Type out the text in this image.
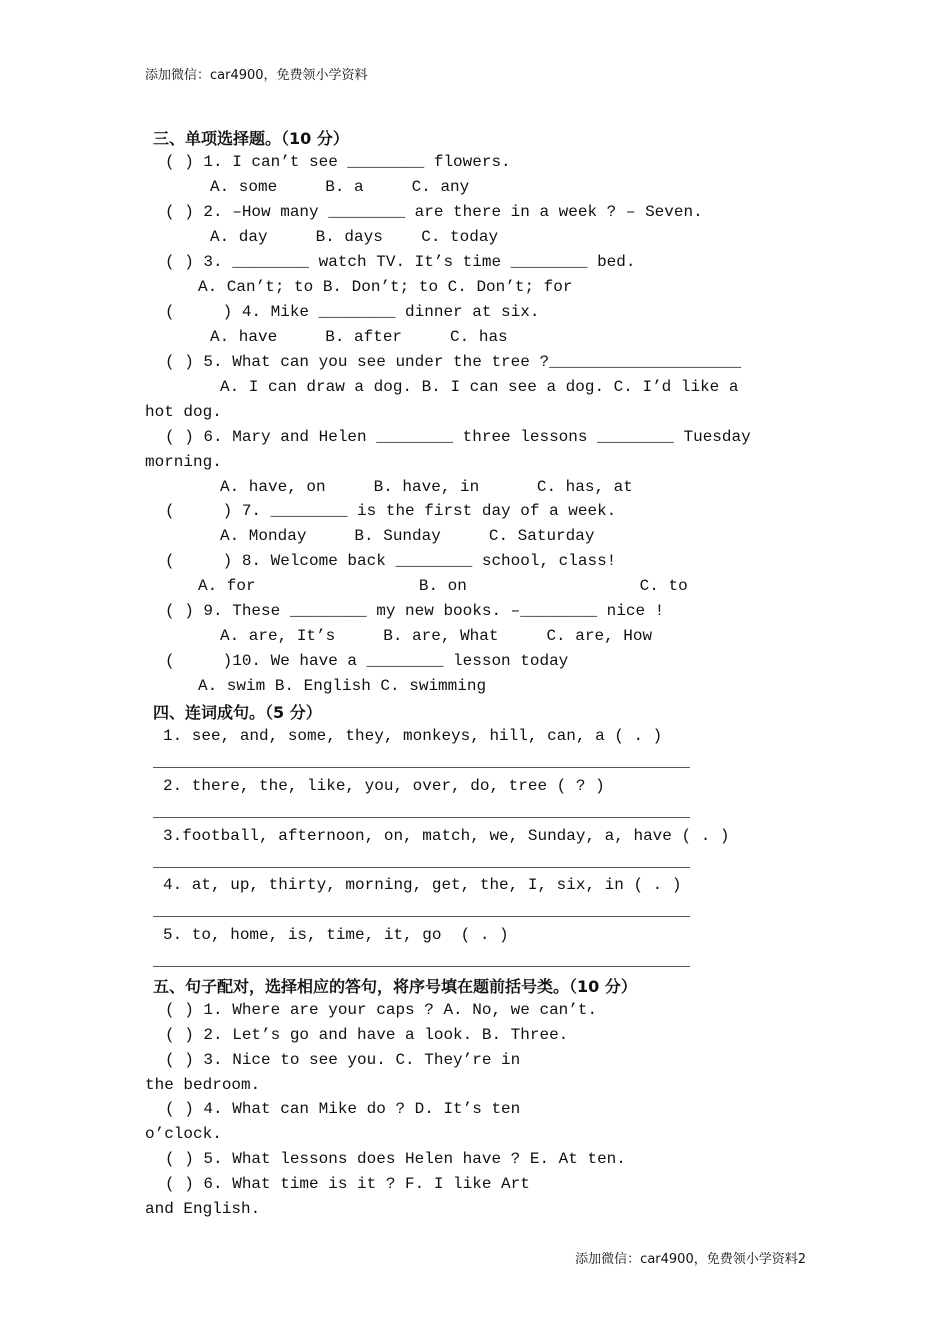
添加微信：car4900，免费领小学资料
三、单项选择题。（10 分）
( ) 1. I can’t see ________ flowers.
A. some     B. a     C. any
( ) 2. –How many ________ are there in a week ? – Seven.
A. day     B. days    C. today
( ) 3. ________ watch TV. It’s time ________ bed.
A. Can’t; to B. Don’t; to C. Don’t; for
(     ) 4. Mike ________ dinner at six.
A. have     B. after     C. has
( ) 5. What can you see under the tree ?____________________
A. I can draw a dog. B. I can see a dog. C. I’d like a
hot dog.
( ) 6. Mary and Helen ________ three lessons ________ Tuesday
morning.
A. have, on     B. have, in      C. has, at
(     ) 7. ________ is the first day of a week.
A. Monday     B. Sunday     C. Saturday
(     ) 8. Welcome back ________ school, class!
A. for                 B. on                  C. to
( ) 9. These ________ my new books. –________ nice !
A. are, It’s     B. are, What     C. are, How
(     )10. We have a ________ lesson today
A. swim B. English C. swimming
四、连词成句。（5 分）
1. see, and, some, they, monkeys, hill, can, a ( . )
2. there, the, like, you, over, do, tree ( ? )
3.football, afternoon, on, match, we, Sunday, a, have ( . )
4. at, up, thirty, morning, get, the, I, six, in ( . )
5. to, home, is, time, it, go  ( . )
五、句子配对，选择相应的答句，将序号填在题前括号类。（10 分）
( ) 1. Where are your caps ? A. No, we can’t.
( ) 2. Let’s go and have a look. B. Three.
( ) 3. Nice to see you. C. They’re in
the bedroom.
( ) 4. What can Mike do ? D. It’s ten
o’clock.
( ) 5. What lessons does Helen have ? E. At ten.
( ) 6. What time is it ? F. I like Art
and English.
添加微信：car4900，免费领小学资料2
